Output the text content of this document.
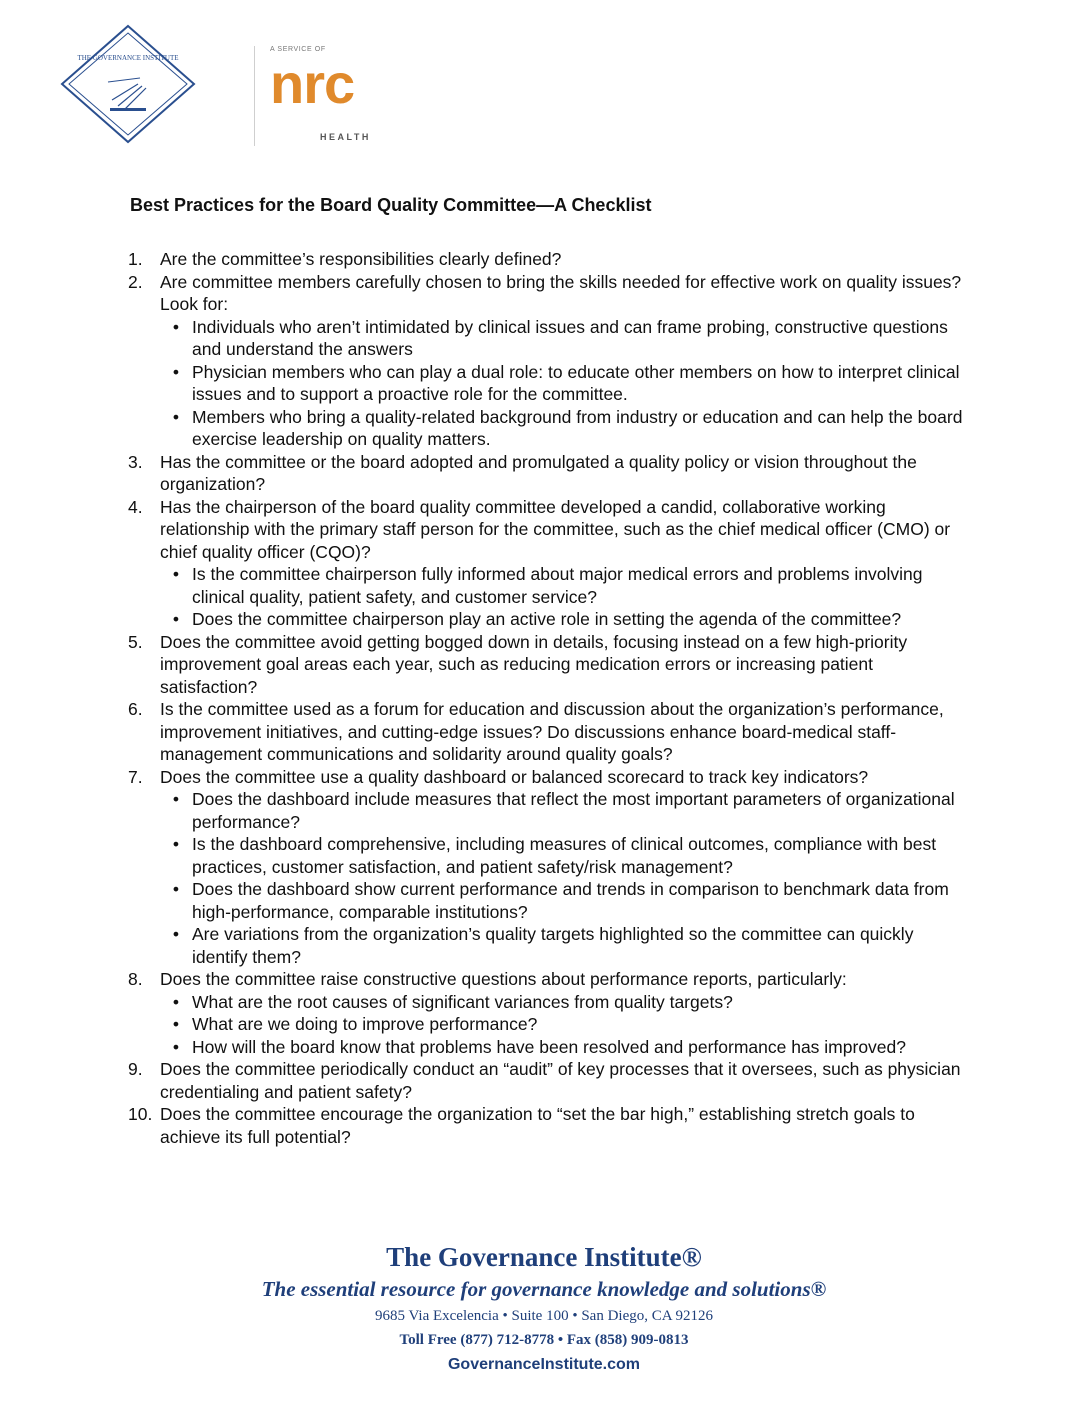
THE GOVERNANCE INSTITUTE
A SERVICE OF
nrc
HEALTH
Best Practices for the Board Quality Committee—A Checklist
1. Are the committee’s responsibilities clearly defined?
2. Are committee members carefully chosen to bring the skills needed for effective work on quality issues? Look for:
• Individuals who aren’t intimidated by clinical issues and can frame probing, constructive questions and understand the answers
• Physician members who can play a dual role: to educate other members on how to interpret clinical issues and to support a proactive role for the committee.
• Members who bring a quality-related background from industry or education and can help the board exercise leadership on quality matters.
3. Has the committee or the board adopted and promulgated a quality policy or vision throughout the organization?
4. Has the chairperson of the board quality committee developed a candid, collaborative working relationship with the primary staff person for the committee, such as the chief medical officer (CMO) or chief quality officer (CQO)?
• Is the committee chairperson fully informed about major medical errors and problems involving clinical quality, patient safety, and customer service?
• Does the committee chairperson play an active role in setting the agenda of the committee?
5. Does the committee avoid getting bogged down in details, focusing instead on a few high-priority improvement goal areas each year, such as reducing medication errors or increasing patient satisfaction?
6. Is the committee used as a forum for education and discussion about the organization’s performance, improvement initiatives, and cutting-edge issues? Do discussions enhance board-medical staff-management communications and solidarity around quality goals?
7. Does the committee use a quality dashboard or balanced scorecard to track key indicators?
• Does the dashboard include measures that reflect the most important parameters of organizational performance?
• Is the dashboard comprehensive, including measures of clinical outcomes, compliance with best practices, customer satisfaction, and patient safety/risk management?
• Does the dashboard show current performance and trends in comparison to benchmark data from high-performance, comparable institutions?
• Are variations from the organization’s quality targets highlighted so the committee can quickly identify them?
8. Does the committee raise constructive questions about performance reports, particularly:
• What are the root causes of significant variances from quality targets?
• What are we doing to improve performance?
• How will the board know that problems have been resolved and performance has improved?
9. Does the committee periodically conduct an “audit” of key processes that it oversees, such as physician credentialing and patient safety?
10. Does the committee encourage the organization to “set the bar high,” establishing stretch goals to achieve its full potential?
The Governance Institute®
The essential resource for governance knowledge and solutions®
9685 Via Excelencia • Suite 100 • San Diego, CA 92126
Toll Free (877) 712-8778 • Fax (858) 909-0813
GovernanceInstitute.com
